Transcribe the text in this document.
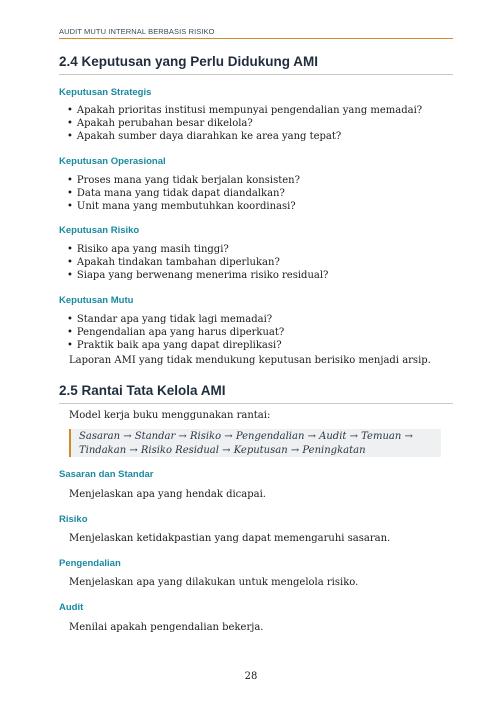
AUDIT MUTU INTERNAL BERBASIS RISIKO
2.4 Keputusan yang Perlu Didukung AMI
Keputusan Strategis
• Apakah prioritas institusi mempunyai pengendalian yang memadai?
• Apakah perubahan besar dikelola?
• Apakah sumber daya diarahkan ke area yang tepat?
Keputusan Operasional
• Proses mana yang tidak berjalan konsisten?
• Data mana yang tidak dapat diandalkan?
• Unit mana yang membutuhkan koordinasi?
Keputusan Risiko
• Risiko apa yang masih tinggi?
• Apakah tindakan tambahan diperlukan?
• Siapa yang berwenang menerima risiko residual?
Keputusan Mutu
• Standar apa yang tidak lagi memadai?
• Pengendalian apa yang harus diperkuat?
• Praktik baik apa yang dapat direplikasi?

Laporan AMI yang tidak mendukung keputusan berisiko menjadi arsip.

2.5 Rantai Tata Kelola AMI

Model kerja buku menggunakan rantai:

Sasaran → Standar → Risiko → Pengendalian → Audit → Temuan →
Tindakan → Risiko Residual → Keputusan → Peningkatan
Sasaran dan Standar

Menjelaskan apa yang hendak dicapai.

Risiko

Menjelaskan ketidakpastian yang dapat memengaruhi sasaran.

Pengendalian

Menjelaskan apa yang dilakukan untuk mengelola risiko.

Audit

Menilai apakah pengendalian bekerja.

28
